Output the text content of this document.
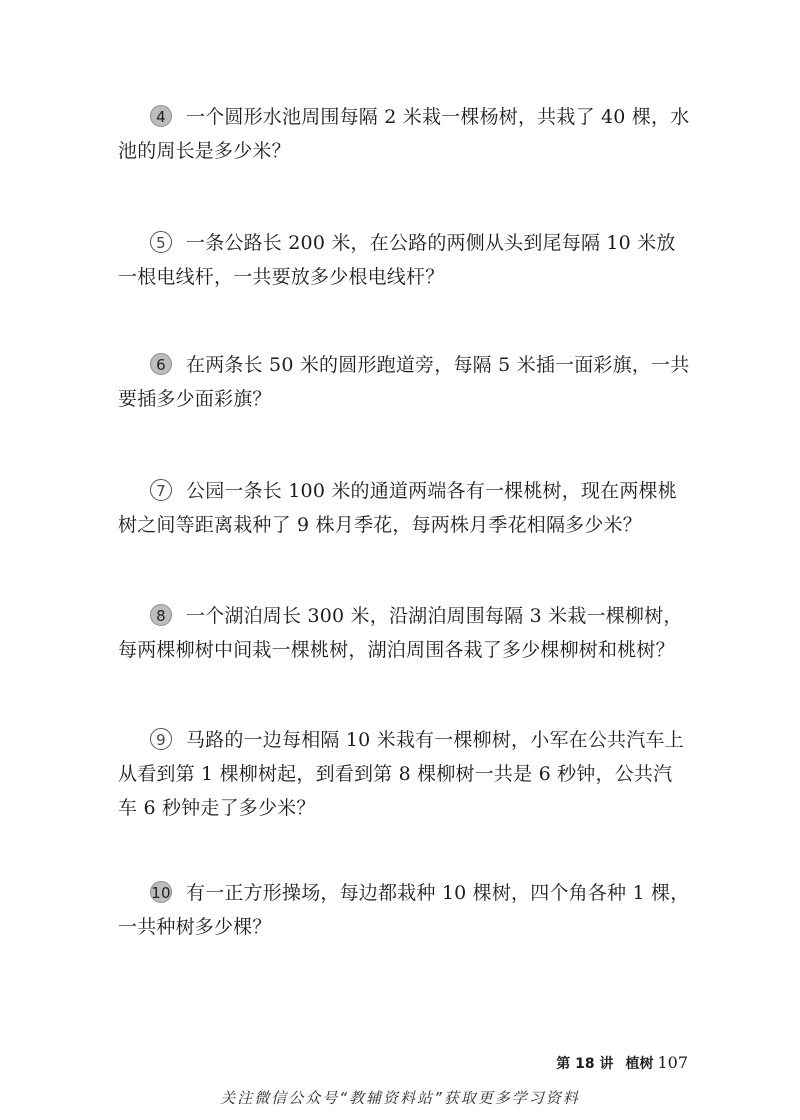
4 一个圆形水池周围每隔 2 米栽一棵杨树，共栽了 40 棵，水池的周长是多少米？
5 一条公路长 200 米，在公路的两侧从头到尾每隔 10 米放一根电线杆，一共要放多少根电线杆？
6 在两条长 50 米的圆形跑道旁，每隔 5 米插一面彩旗，一共要插多少面彩旗？
7 公园一条长 100 米的通道两端各有一棵桃树，现在两棵桃树之间等距离栽种了 9 株月季花，每两株月季花相隔多少米？
8 一个湖泊周长 300 米，沿湖泊周围每隔 3 米栽一棵柳树，每两棵柳树中间栽一棵桃树，湖泊周围各栽了多少棵柳树和桃树？
9 马路的一边每相隔 10 米栽有一棵柳树，小军在公共汽车上从看到第 1 棵柳树起，到看到第 8 棵柳树一共是 6 秒钟，公共汽车 6 秒钟走了多少米？
10 有一正方形操场，每边都栽种 10 棵树，四个角各种 1 棵，一共种树多少棵？
第 18 讲 植树 107
关注微信公众号“教辅资料站”获取更多学习资料
